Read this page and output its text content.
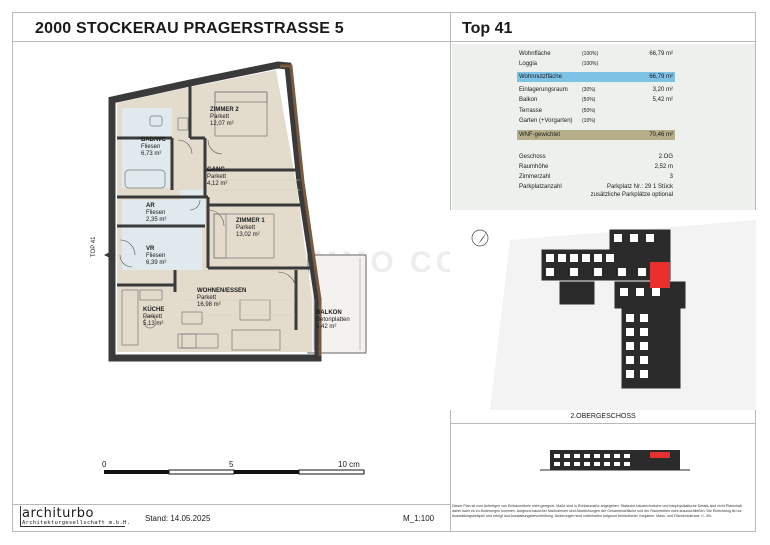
2000 STOCKERAU PRAGERSTRASSE 5	Top 41
Wohnfläche	(100%)	66,79 m²
Loggia	(100%)
Wohnnutzfläche	66,79 m²
Einlagerungsraum	(30%)	3,20 m²
Balkon	(50%)	5,42 m²
Terrasse	(50%)
Garten (+Vorgarten) (10%)
WNF-gewichtet	70,46 m²
Geschoss	2.OG
Raumhöhe	2,52 m
Zimmerzahl	3
Parkplatzanzahl	Parkplatz Nr.: 29 1 Stück
zusätzliche Parkplätze optional
ZIMMER 2
Parkett
12,07 m²
BAD/WC
Fliesen
6,73 m²
GANG
Parkett
4,12 m²
AR
Fliesen
2,35 m²	ZIMMER 1
Parkett
13,02 m²
VR
Fliesen
6,39 m²
KÜCHE
Parkett
5,13 m²
WOHNEN/ESSEN
Parkett
16,98 m²
BALKON
Betonplatten
5,42 m²
TOP 41
0	5	10 cm
2.OBERGESCHOSS
Dieser Plan ist zum Anfertigen von Einbaumöbeln nicht geeignet. Maße sind in Rohbaumaße angegeben. Statische,haustechnische und bauphysikalische Details sind nicht Planinhalt, daher kann es zu Änderungen kommen. Aufgrund baulicher Maßnahmen sind Abweichungen der Gesamtnutzfläche und der Raumhöhen nicht auszuschließen. Die Einrichtung ist nur Ausstattungsbeispiel und erfolgt laut Ausstattungsbeschreibung. Änderungen sind vorbehalten aufgrund behördlicher Vorgaben. Mass- und Flächentoleranz +/- 3%.
architurbo
Architekturgesellschaft m.b.H. Stand: 14.05.2025	M_1:100
